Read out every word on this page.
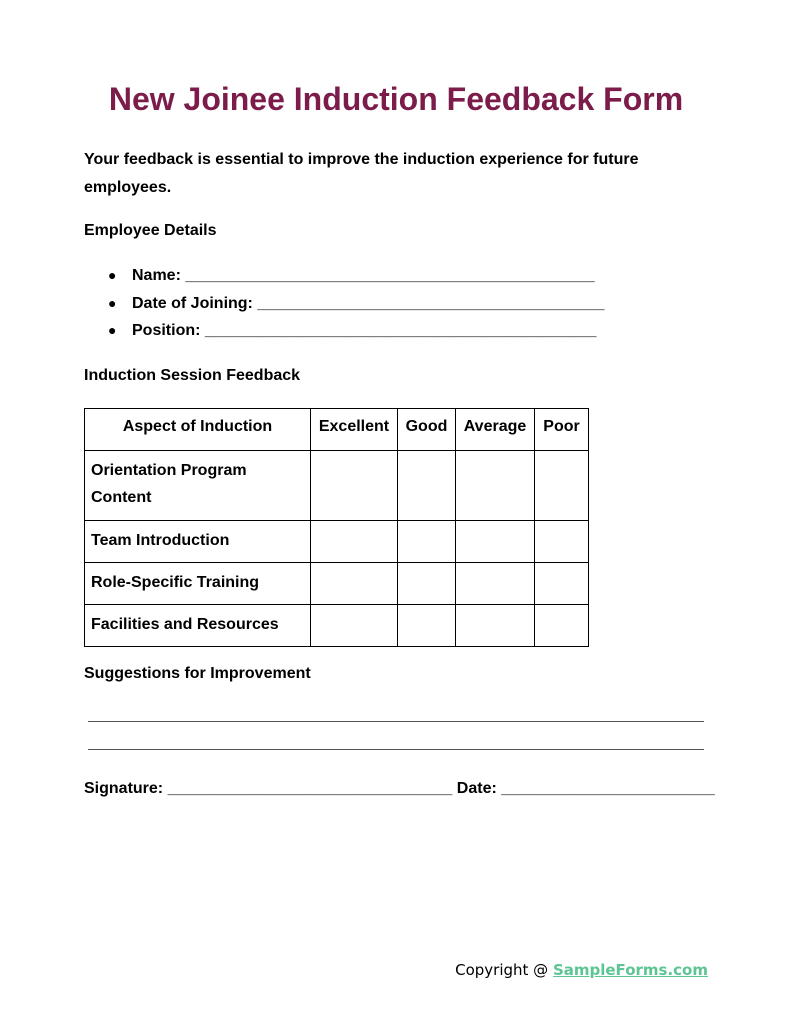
New Joinee Induction Feedback Form

Your feedback is essential to improve the induction experience for future employees.

Employee Details
● Name: ______________________________________________
● Date of Joining: _______________________________________
● Position: ____________________________________________
Induction Session Feedback
Aspect of Induction	Excellent	Good	Average	Poor
Orientation Program Content				
Team Introduction				
Role-Specific Training				
Facilities and Resources				
Suggestions for Improvement
Signature: ________________________________ Date: ________________________
Copyright @ SampleForms.com
